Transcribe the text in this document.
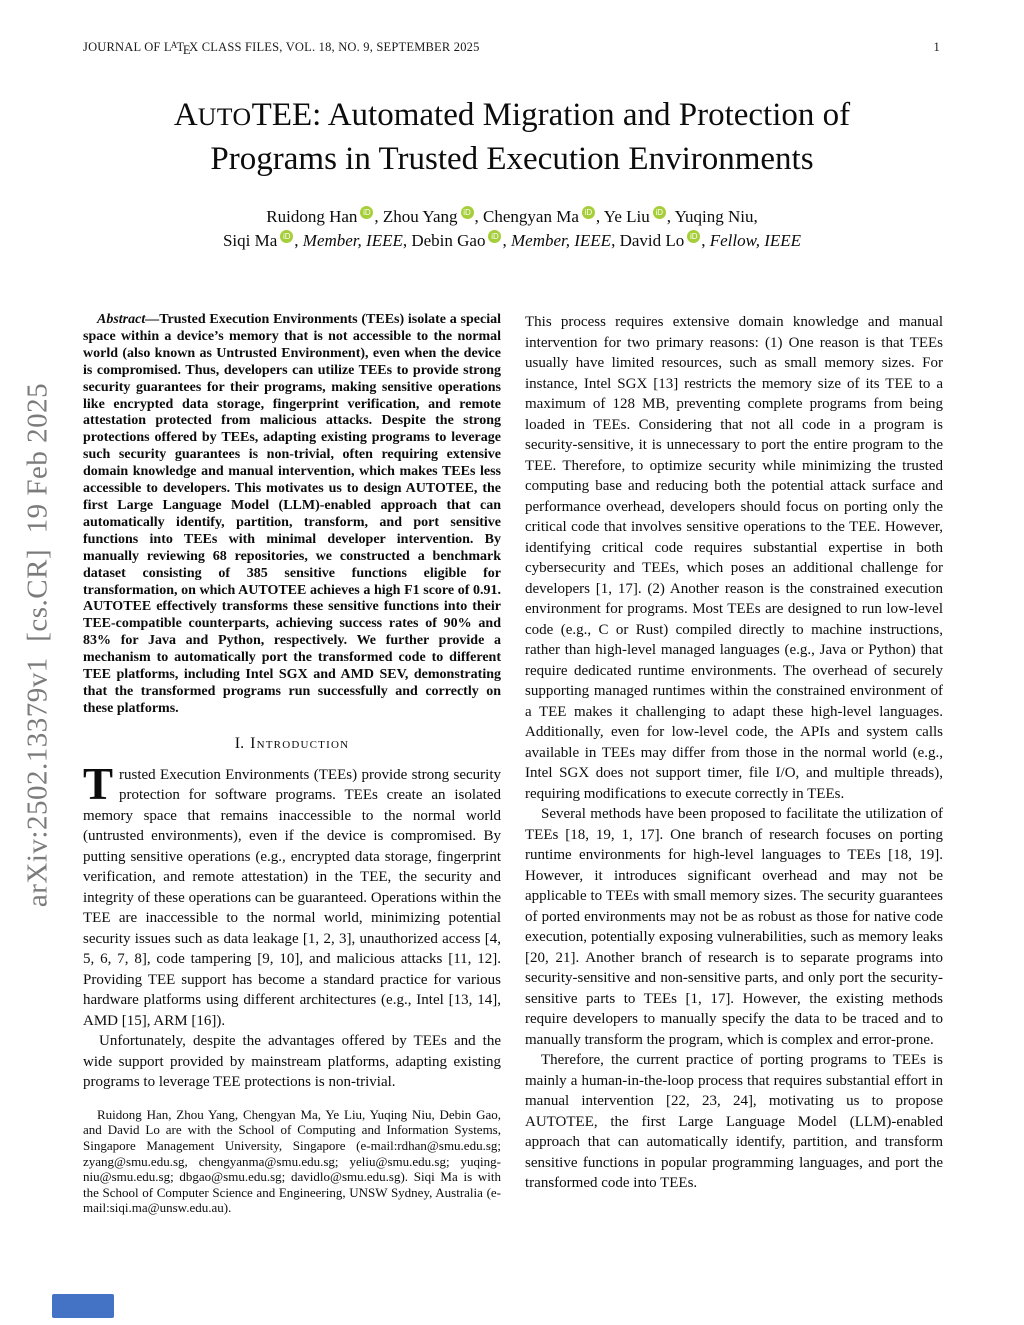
JOURNAL OF $L^ATEX$ CLASS FILES, VOL. 18, NO. 9, SEPTEMBER 2025	1
arXiv:2502.13379v1  [cs.CR]  19 Feb 2025
AUTOTEE: Automated Migration and Protection of
Programs in Trusted Execution Environments
Ruidong Han iD , Zhou Yang iD , Chengyan Ma iD , Ye Liu iD , Yuqing Niu,
Siqi Ma iD , Member, IEEE, Debin Gao iD , Member, IEEE, David Lo iD , Fellow, IEEE

Abstract—Trusted Execution Environments (TEEs) isolate a special space within a device’s memory that is not accessible to the normal world (also known as Untrusted Environment), even when the device is compromised. Thus, developers can utilize TEEs to provide strong security guarantees for their programs, making sensitive operations like encrypted data storage, fingerprint verification, and remote attestation protected from malicious attacks. Despite the strong protections offered by TEEs, adapting existing programs to leverage such security guarantees is non-trivial, often requiring extensive domain knowledge and manual intervention, which makes TEEs less accessible to developers. This motivates us to design AUTOTEE, the first Large Language Model (LLM)-enabled approach that can automatically identify, partition, transform, and port sensitive functions into TEEs with minimal developer intervention. By manually reviewing 68 repositories, we constructed a benchmark dataset consisting of 385 sensitive functions eligible for transformation, on which AUTOTEE achieves a high F1 score of 0.91. AUTOTEE effectively transforms these sensitive functions into their TEE-compatible counterparts, achieving success rates of 90% and 83% for Java and Python, respectively. We further provide a mechanism to automatically port the transformed code to different TEE platforms, including Intel SGX and AMD SEV, demonstrating that the transformed programs run successfully and correctly on these platforms.

I. Introduction

Trusted Execution Environments (TEEs) provide strong security protection for software programs. TEEs create an isolated memory space that remains inaccessible to the normal world (untrusted environments), even if the device is compromised. By putting sensitive operations (e.g., encrypted data storage, fingerprint verification, and remote attestation) in the TEE, the security and integrity of these operations can be guaranteed. Operations within the TEE are inaccessible to the normal world, minimizing potential security issues such as data leakage [1, 2, 3], unauthorized access [4, 5, 6, 7, 8], code tampering [9, 10], and malicious attacks [11, 12]. Providing TEE support has become a standard practice for various hardware platforms using different architectures (e.g., Intel [13, 14], AMD [15], ARM [16]).

Unfortunately, despite the advantages offered by TEEs and the wide support provided by mainstream platforms, adapting existing programs to leverage TEE protections is non-trivial.

Ruidong Han, Zhou Yang, Chengyan Ma, Ye Liu, Yuqing Niu, Debin Gao, and David Lo are with the School of Computing and Information Systems, Singapore Management University, Singapore (e-mail:rdhan@smu.edu.sg; zyang@smu.edu.sg, chengyanma@smu.edu.sg; yeliu@smu.edu.sg; yuqing-niu@smu.edu.sg; dbgao@smu.edu.sg; davidlo@smu.edu.sg). Siqi Ma is with the School of Computer Science and Engineering, UNSW Sydney, Australia (e-mail:siqi.ma@unsw.edu.au).

This process requires extensive domain knowledge and manual intervention for two primary reasons: (1) One reason is that TEEs usually have limited resources, such as small memory sizes. For instance, Intel SGX [13] restricts the memory size of its TEE to a maximum of 128 MB, preventing complete programs from being loaded in TEEs. Considering that not all code in a program is security-sensitive, it is unnecessary to port the entire program to the TEE. Therefore, to optimize security while minimizing the trusted computing base and reducing both the potential attack surface and performance overhead, developers should focus on porting only the critical code that involves sensitive operations to the TEE. However, identifying critical code requires substantial expertise in both cybersecurity and TEEs, which poses an additional challenge for developers [1, 17]. (2) Another reason is the constrained execution environment for programs. Most TEEs are designed to run low-level code (e.g., C or Rust) compiled directly to machine instructions, rather than high-level managed languages (e.g., Java or Python) that require dedicated runtime environments. The overhead of securely supporting managed runtimes within the constrained environment of a TEE makes it challenging to adapt these high-level languages. Additionally, even for low-level code, the APIs and system calls available in TEEs may differ from those in the normal world (e.g., Intel SGX does not support timer, file I/O, and multiple threads), requiring modifications to execute correctly in TEEs.

Several methods have been proposed to facilitate the utilization of TEEs [18, 19, 1, 17]. One branch of research focuses on porting runtime environments for high-level languages to TEEs [18, 19]. However, it introduces significant overhead and may not be applicable to TEEs with small memory sizes. The security guarantees of ported environments may not be as robust as those for native code execution, potentially exposing vulnerabilities, such as memory leaks [20, 21]. Another branch of research is to separate programs into security-sensitive and non-sensitive parts, and only port the security-sensitive parts to TEEs [1, 17]. However, the existing methods require developers to manually specify the data to be traced and to manually transform the program, which is complex and error-prone.

Therefore, the current practice of porting programs to TEEs is mainly a human-in-the-loop process that requires substantial effort in manual intervention [22, 23, 24], motivating us to propose AUTOTEE, the first Large Language Model (LLM)-enabled approach that can automatically identify, partition, and transform sensitive functions in popular programming languages, and port the transformed code into TEEs.
